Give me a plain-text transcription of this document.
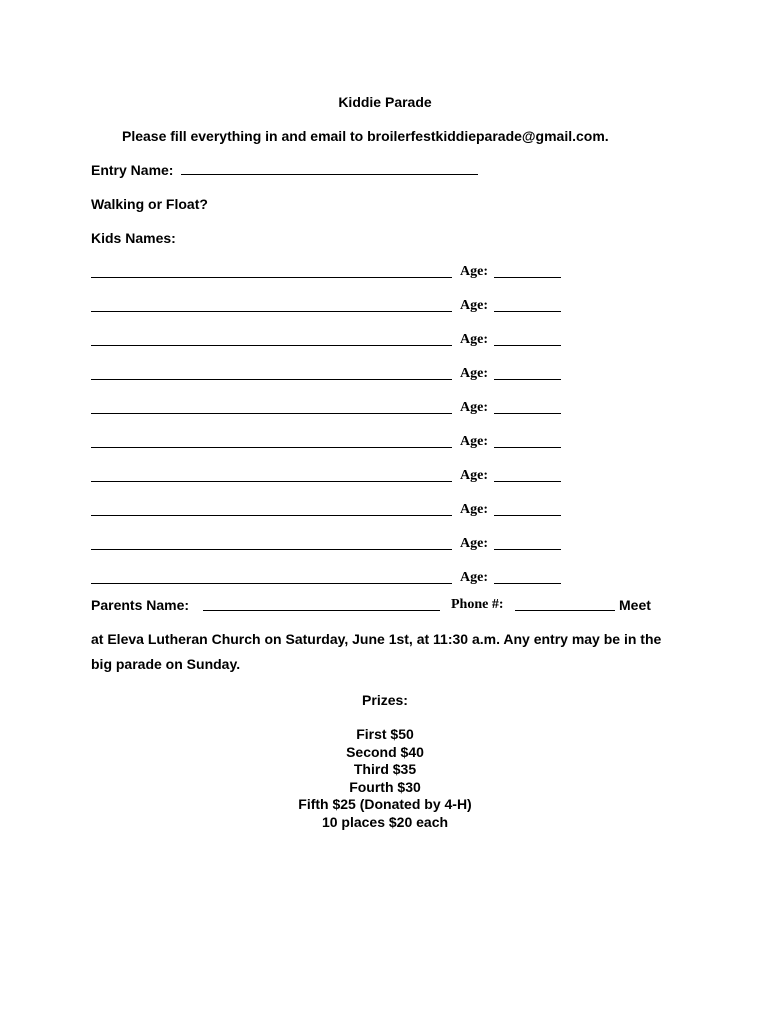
Kiddie Parade
Please fill everything in and email to broilerfestkiddieparade@gmail.com.
Entry Name:
Walking or Float?
Kids Names:
Age:
Age:
Age:
Age:
Age:
Age:
Age:
Age:
Age:
Age:
Parents Name:	Phone #:	Meet
at Eleva Lutheran Church on Saturday, June 1st, at 11:30 a.m. Any entry may be in the big parade on Sunday.
Prizes:
First $50
Second $40
Third $35
Fourth $30
Fifth $25 (Donated by 4-H)
10 places $20 each
